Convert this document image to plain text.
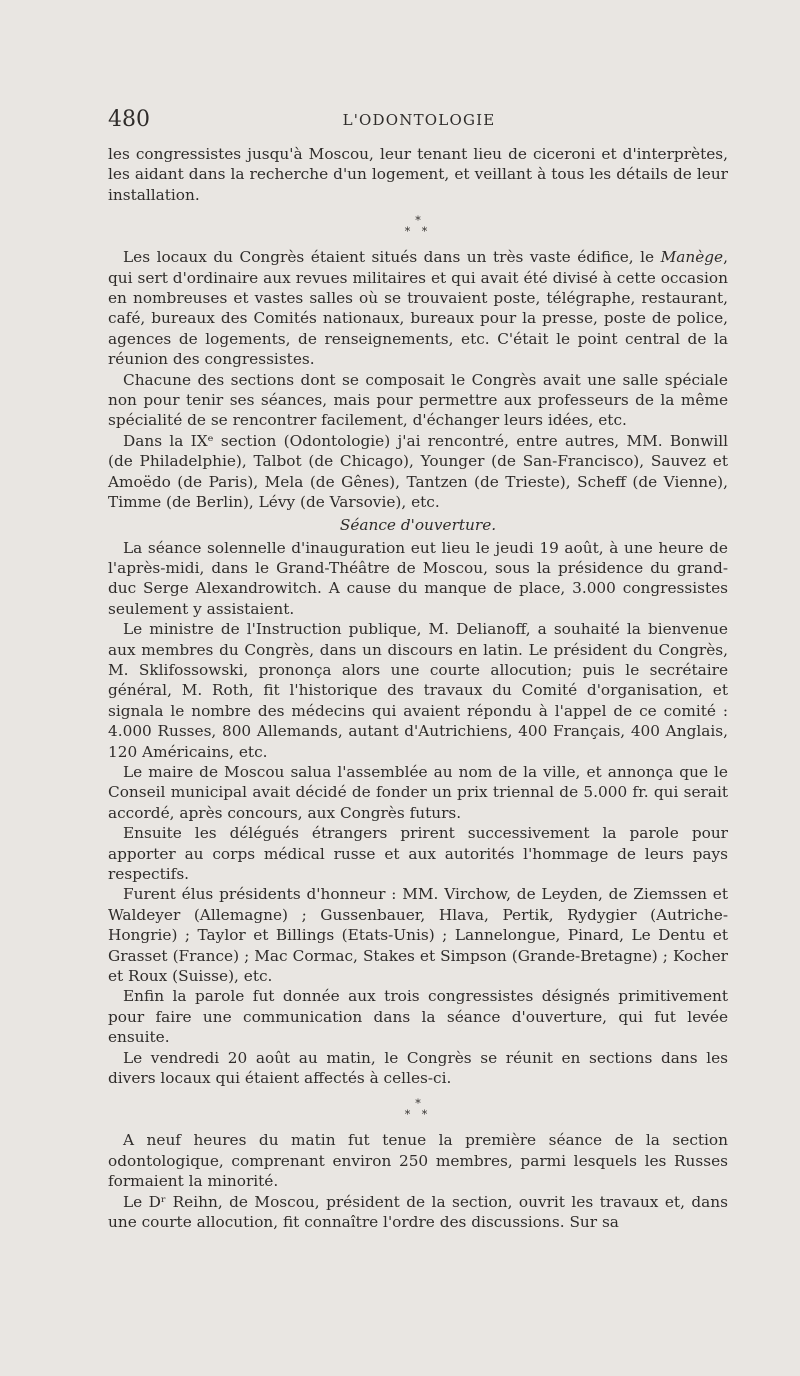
480	L'ODONTOLOGIE

les congressistes jusqu'à Moscou, leur tenant lieu de ciceroni et d'interprètes, les aidant dans la recherche d'un logement, et veillant à tous les détails de leur installation.

*
* *

Les locaux du Congrès étaient situés dans un très vaste édifice, le Manège, qui sert d'ordinaire aux revues militaires et qui avait été divisé à cette occasion en nombreuses et vastes salles où se trouvaient poste, télégraphe, restaurant, café, bureaux des Comités nationaux, bureaux pour la presse, poste de police, agences de logements, de renseignements, etc. C'était le point central de la réunion des congressistes.

Chacune des sections dont se composait le Congrès avait une salle spéciale non pour tenir ses séances, mais pour permettre aux professeurs de la même spécialité de se rencontrer facilement, d'échanger leurs idées, etc.

Dans la IXᵉ section (Odontologie) j'ai rencontré, entre autres, MM. Bonwill (de Philadelphie), Talbot (de Chicago), Younger (de San-Francisco), Sauvez et Amoëdo (de Paris), Mela (de Gênes), Tantzen (de Trieste), Scheff (de Vienne), Timme (de Berlin), Lévy (de Varsovie), etc.

Séance d'ouverture.

La séance solennelle d'inauguration eut lieu le jeudi 19 août, à une heure de l'après-midi, dans le Grand-Théâtre de Moscou, sous la présidence du grand-duc Serge Alexandrowitch. A cause du manque de place, 3.000 congressistes seulement y assistaient.

Le ministre de l'Instruction publique, M. Delianoff, a souhaité la bienvenue aux membres du Congrès, dans un discours en latin. Le président du Congrès, M. Sklifossowski, prononça alors une courte allocution; puis le secrétaire général, M. Roth, fit l'historique des travaux du Comité d'organisation, et signala le nombre des médecins qui avaient répondu à l'appel de ce comité : 4.000 Russes, 800 Allemands, autant d'Autrichiens, 400 Français, 400 Anglais, 120 Américains, etc.

Le maire de Moscou salua l'assemblée au nom de la ville, et annonça que le Conseil municipal avait décidé de fonder un prix triennal de 5.000 fr. qui serait accordé, après concours, aux Congrès futurs.

Ensuite les délégués étrangers prirent successivement la parole pour apporter au corps médical russe et aux autorités l'hommage de leurs pays respectifs.

Furent élus présidents d'honneur : MM. Virchow, de Leyden, de Ziemssen et Waldeyer (Allemagne) ; Gussenbauer, Hlava, Pertik, Rydygier (Autriche-Hongrie) ; Taylor et Billings (Etats-Unis) ; Lannelongue, Pinard, Le Dentu et Grasset (France) ; Mac Cormac, Stakes et Simpson (Grande-Bretagne) ; Kocher et Roux (Suisse), etc.

Enfin la parole fut donnée aux trois congressistes désignés primitivement pour faire une communication dans la séance d'ouverture, qui fut levée ensuite.

Le vendredi 20 août au matin, le Congrès se réunit en sections dans les divers locaux qui étaient affectés à celles-ci.

*
* *

A neuf heures du matin fut tenue la première séance de la section odontologique, comprenant environ 250 membres, parmi lesquels les Russes formaient la minorité.

Le Dʳ Reihn, de Moscou, président de la section, ouvrit les travaux et, dans une courte allocution, fit connaître l'ordre des discussions. Sur sa
